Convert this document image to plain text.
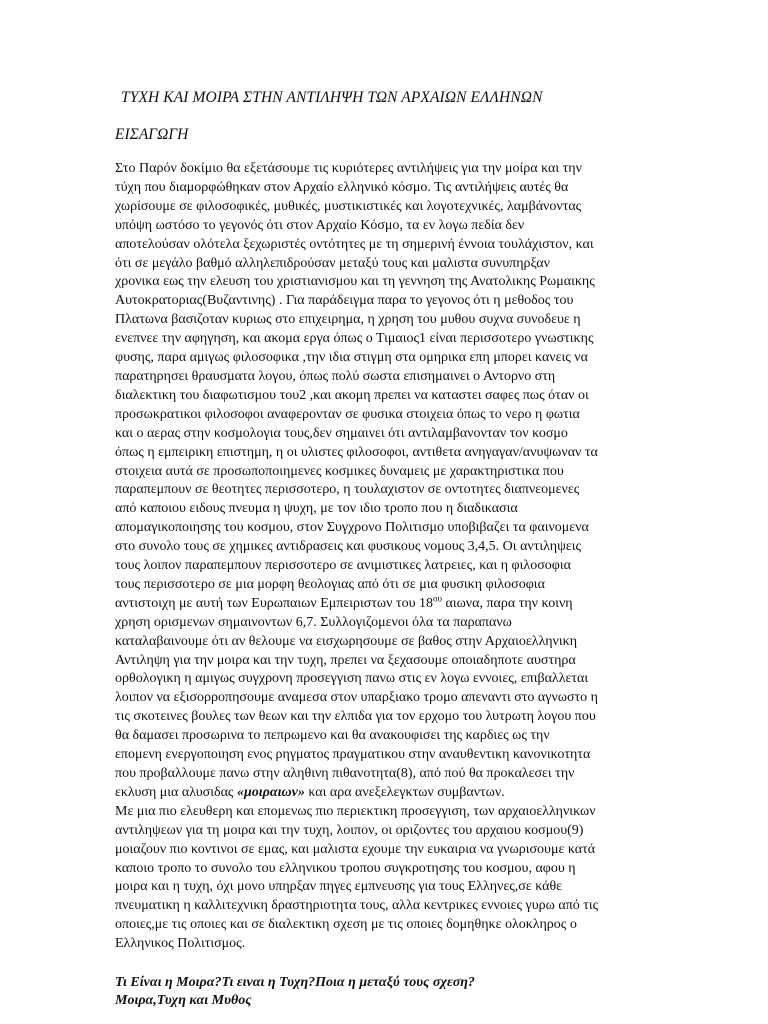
ΤΥΧΗ ΚΑΙ ΜΟΙΡΑ ΣΤΗΝ ΑΝΤΙΛΗΨΗ ΤΩΝ ΑΡΧΑΙΩΝ ΕΛΛΗΝΩΝ
ΕΙΣΑΓΩΓΗ
Στο Παρόν δοκίμιο θα εξετάσουμε τις κυριότερες αντιλήψεις για την μοίρα και την
τύχη που διαμορφώθηκαν στον Αρχαίο ελληνικό κόσμο. Τις αντιλήψεις αυτές θα
χωρίσουμε σε φιλοσοφικές, μυθικές, μυστικιστικές και λογοτεχνικές, λαμβάνοντας
υπόψη ωστόσο το γεγονός ότι στον Αρχαίο Κόσμο, τα εν λογω πεδία δεν
αποτελούσαν ολότελα ξεχωριστές οντότητες με τη σημερινή έννοια τουλάχιστον, και
ότι σε μεγάλο βαθμό αλληλεπιδρούσαν μεταξύ τους και μαλιστα συνυπηρξαν
χρονικα εως την ελευση του χριστιανισμου και τη γεννηση της Ανατολικης Ρωμαικης
Αυτοκρατοριας(Βυζαντινης) . Για παράδειγμα παρα το γεγονος ότι η μεθοδος του
Πλατωνα βασιζοταν κυριως στο επιχειρημα, η χρηση του μυθου συχνα συνοδευε η
ενεπνεε την αφηγηση, και ακομα εργα όπως ο Τιμαιος1 είναι περισσοτερο γνωστικης
φυσης, παρα αμιγως φιλοσοφικα ,την ιδια στιγμη στα ομηρικα επη μπορει κανεις να
παρατηρησει θραυσματα λογου, όπως πολύ σωστα επισημαινει ο Αντορνο στη
διαλεκτικη του διαφωτισμου του2 ,και ακομη πρεπει να καταστει σαφες πως όταν οι
προσωκρατικοι φιλοσοφοι αναφερονταν σε φυσικα στοιχεια όπως το νερο η φωτια
και ο αερας στην κοσμολογια τους,δεν σημαινει ότι αντιλαμβανονταν τον κοσμο
όπως η εμπειρικη επιστημη, η οι υλιστες φιλοσοφοι, αντιθετα ανηγαγαν/ανυψωναν τα
στοιχεια αυτά σε προσωποποιημενες κοσμικες δυναμεις με χαρακτηριστικα που
παραπεμπουν σε θεοτητες περισσοτερο, η τουλαχιστον σε οντοτητες διαπνεομενες
από καποιου ειδους πνευμα η ψυχη, με τον ιδιο τροπο που η διαδικασια
απομαγικοποιησης του κοσμου, στον Συγχρονο Πολιτισμο υποβιβαζει τα φαινομενα
στο συνολο τους σε χημικες αντιδρασεις και φυσικους νομους 3,4,5. Οι αντιληψεις
τους λοιπον παραπεμπουν περισσοτερο σε ανιμιστικες λατρειες, και η φιλοσοφια
τους περισσοτερο σε μια μορφη θεολογιας από ότι σε μια φυσικη φιλοσοφια
αντιστοιχη με αυτή των Ευρωπαιων Εμπειριστων του $18^{o\upsilon}$ αιωνα, παρα την κοινη
χρηση ορισμενων σημαινοντων 6,7. Συλλογιζομενοι όλα τα παραπανω
καταλαβαινουμε ότι αν θελουμε να εισχωρησουμε σε βαθος στην Αρχαιοελληνικη
Αντιληψη για την μοιρα και την τυχη, πρεπει να ξεχασουμε οποιαδηποτε αυστηρα
ορθολογικη η αμιγως συγχρονη προσεγγιση πανω στις εν λογω εννοιες, επιβαλλεται
λοιπον να εξισορροπησουμε αναμεσα στον υπαρξιακο τρομο απεναντι στο αγνωστο η
τις σκοτεινες βουλες των θεων και την ελπιδα για τον ερχομο του λυτρωτη λογου που
θα δαμασει προσωρινα το πεπρωμενο και θα ανακουφισει της καρδιες ως την
επομενη ενεργοποιηση ενος ρηγματος πραγματικου στην αναυθεντικη κανονικοτητα
που προβαλλουμε πανω στην αληθινη πιθανοτητα(8), από πού θα προκαλεσει την
εκλυση μια αλυσιδας «μοιραιων» και αρα ανεξελεγκτων συμβαντων.
Με μια πιο ελευθερη και επομενως πιο περιεκτικη προσεγγιση, των αρχαιοελληνικων
αντιληψεων για τη μοιρα και την τυχη, λοιπον, οι οριζοντες του αρχαιου κοσμου(9)
μοιαζουν πιο κοντινοι σε εμας, και μαλιστα εχουμε την ευκαιρια να γνωρισουμε κατά
καποιο τροπο το συνολο του ελληνικου τροπου συγκροτησης του κοσμου, αφου η
μοιρα και η τυχη, όχι μονο υπηρξαν πηγες εμπνευσης για τους Ελληνες,σε κάθε
πνευματικη η καλλιτεχνικη δραστηριοτητα τους, αλλα κεντρικες εννοιες γυρω από τις
οποιες,με τις οποιες και σε διαλεκτικη σχεση με τις οποιες δομηθηκε ολοκληρος ο
Ελληνικος Πολιτισμος.
Τι Είναι η Μοιρα?Τι ειναι η Τυχη?Ποια η μεταξύ τους σχεση?
Μοιρα,Τυχη και Μυθος
